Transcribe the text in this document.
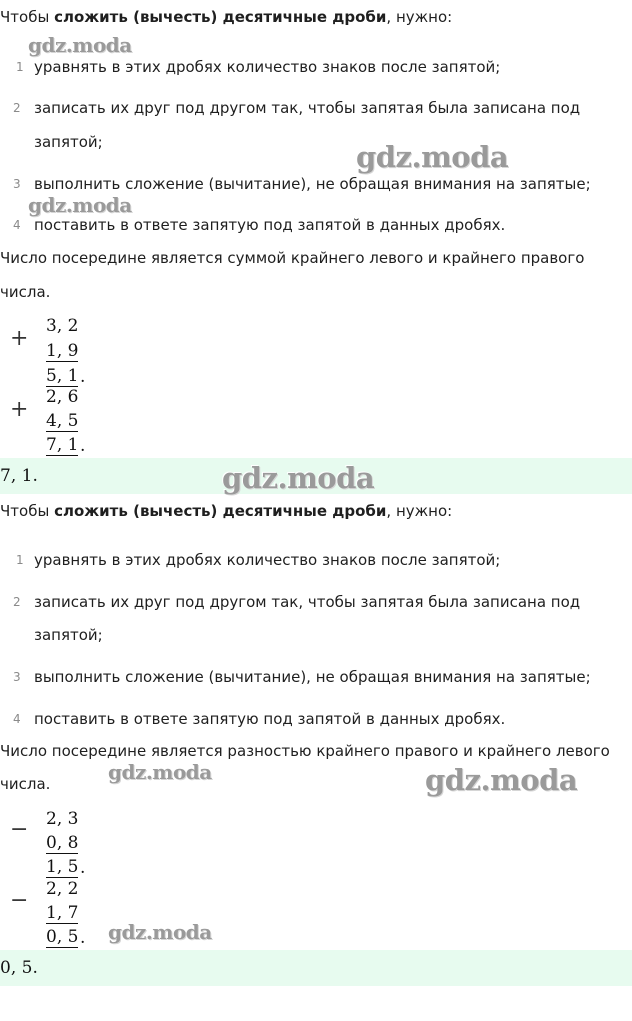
Чтобы сложить (вычесть) десятичные дроби, нужно:
gdz.moda
1 уравнять в этих дробях количество знаков после запятой;
2 записать их друг под другом так, чтобы запятая была записана под
запятой;	gdz.moda
3 выполнить сложение (вычитание), не обращая внимания на запятые;
gdz.moda
4 поставить в ответе запятую под запятой в данных дробях.
Число посередине является суммой крайнего левого и крайнего правого
числа.
+ 3, 2
1, 9
5, 1 .
+ 2, 6
4, 5
7, 1 .
7, 1.	gdz.moda
Чтобы сложить (вычесть) десятичные дроби, нужно:
1 уравнять в этих дробях количество знаков после запятой;
2 записать их друг под другом так, чтобы запятая была записана под
запятой;
3 выполнить сложение (вычитание), не обращая внимания на запятые;
4 поставить в ответе запятую под запятой в данных дробях.
Число посередине является разностью крайнего правого и крайнего левого
числа.	gdz.moda	gdz.moda
− 2, 3
0, 8
1, 5 .
− 2, 2
1, 7
0, 5 . gdz.moda
0, 5.
